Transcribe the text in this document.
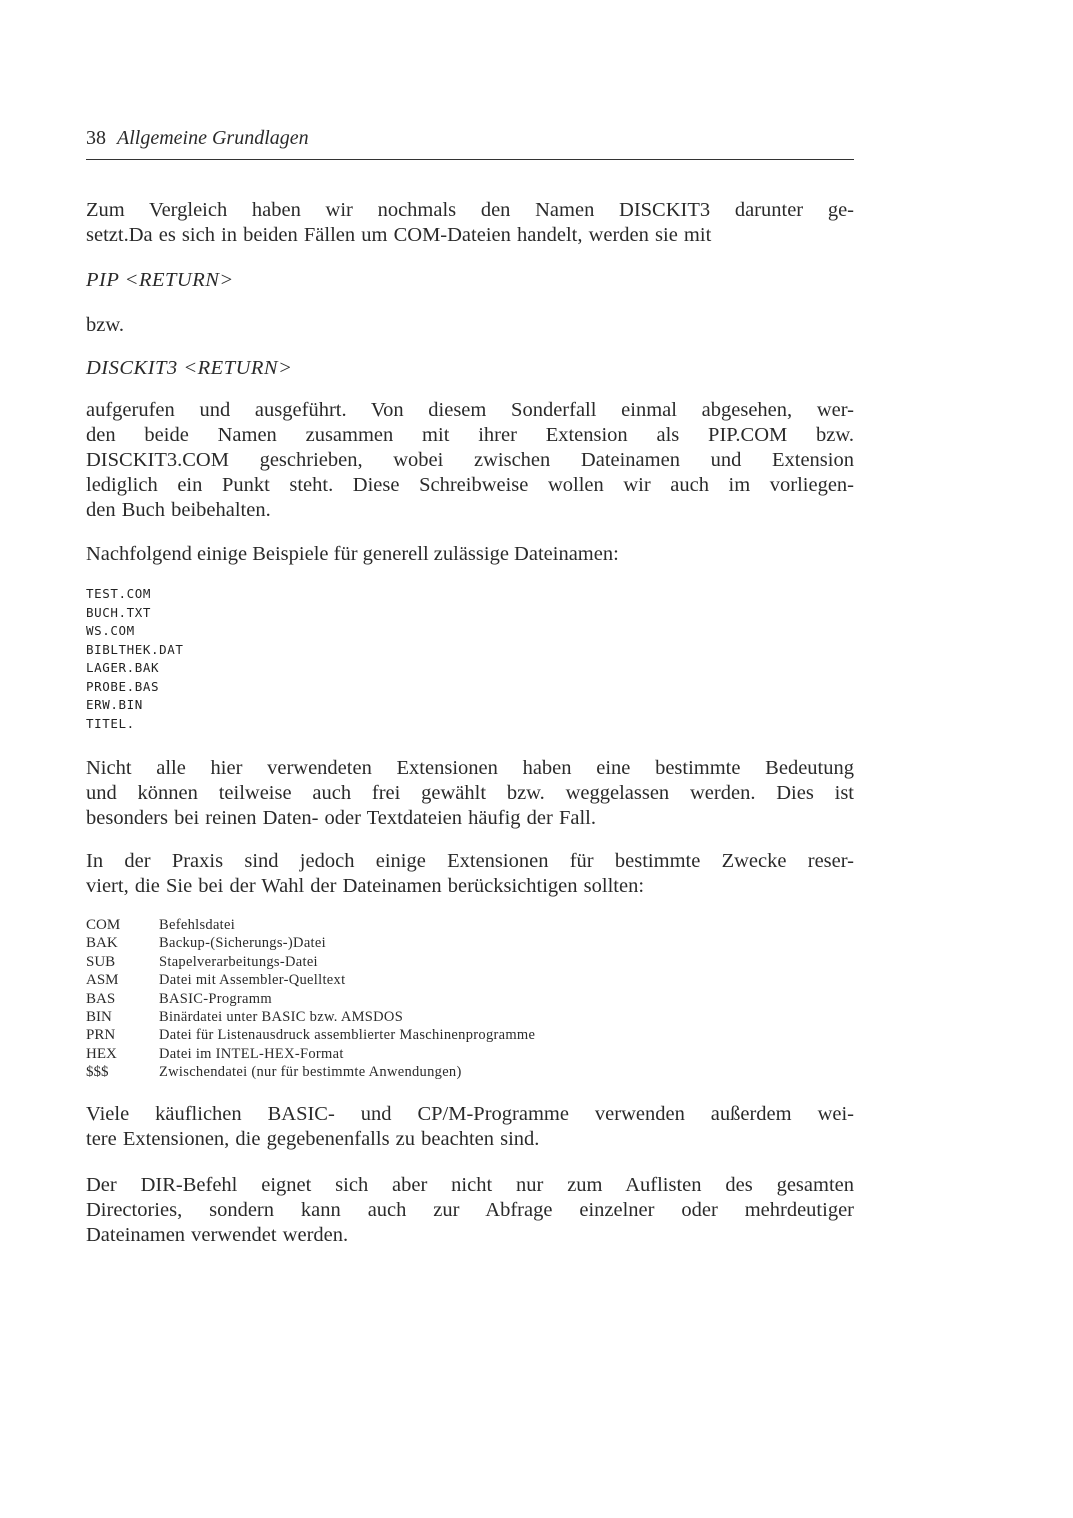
38 Allgemeine Grundlagen
Zum Vergleich haben wir nochmals den Namen DISCKIT3 darunter ge-
setzt.Da es sich in beiden Fällen um COM-Dateien handelt, werden sie mit
PIP <RETURN>
bzw.
DISCKIT3 <RETURN>
aufgerufen und ausgeführt. Von diesem Sonderfall einmal abgesehen, wer-
den beide Namen zusammen mit ihrer Extension als PIP.COM bzw.
DISCKIT3.COM geschrieben, wobei zwischen Dateinamen und Extension
lediglich ein Punkt steht. Diese Schreibweise wollen wir auch im vorliegen-
den Buch beibehalten.
Nachfolgend einige Beispiele für generell zulässige Dateinamen:
TEST.COM
BUCH.TXT
WS.COM
BIBLTHEK.DAT
LAGER.BAK
PROBE.BAS
ERW.BIN
TITEL.
Nicht alle hier verwendeten Extensionen haben eine bestimmte Bedeutung
und können teilweise auch frei gewählt bzw. weggelassen werden. Dies ist
besonders bei reinen Daten- oder Textdateien häufig der Fall.
In der Praxis sind jedoch einige Extensionen für bestimmte Zwecke reser-
viert, die Sie bei der Wahl der Dateinamen berücksichtigen sollten:
COM	Befehlsdatei
BAK	Backup-(Sicherungs-)Datei
SUB	Stapelverarbeitungs-Datei
ASM	Datei mit Assembler-Quelltext
BAS	BASIC-Programm
BIN	Binärdatei unter BASIC bzw. AMSDOS
PRN	Datei für Listenausdruck assemblierter Maschinenprogramme
HEX	Datei im INTEL-HEX-Format
$$$	Zwischendatei (nur für bestimmte Anwendungen)
Viele käuflichen BASIC- und CP/M-Programme verwenden außerdem wei-
tere Extensionen, die gegebenenfalls zu beachten sind.
Der DIR-Befehl eignet sich aber nicht nur zum Auflisten des gesamten
Directories, sondern kann auch zur Abfrage einzelner oder mehrdeutiger
Dateinamen verwendet werden.
